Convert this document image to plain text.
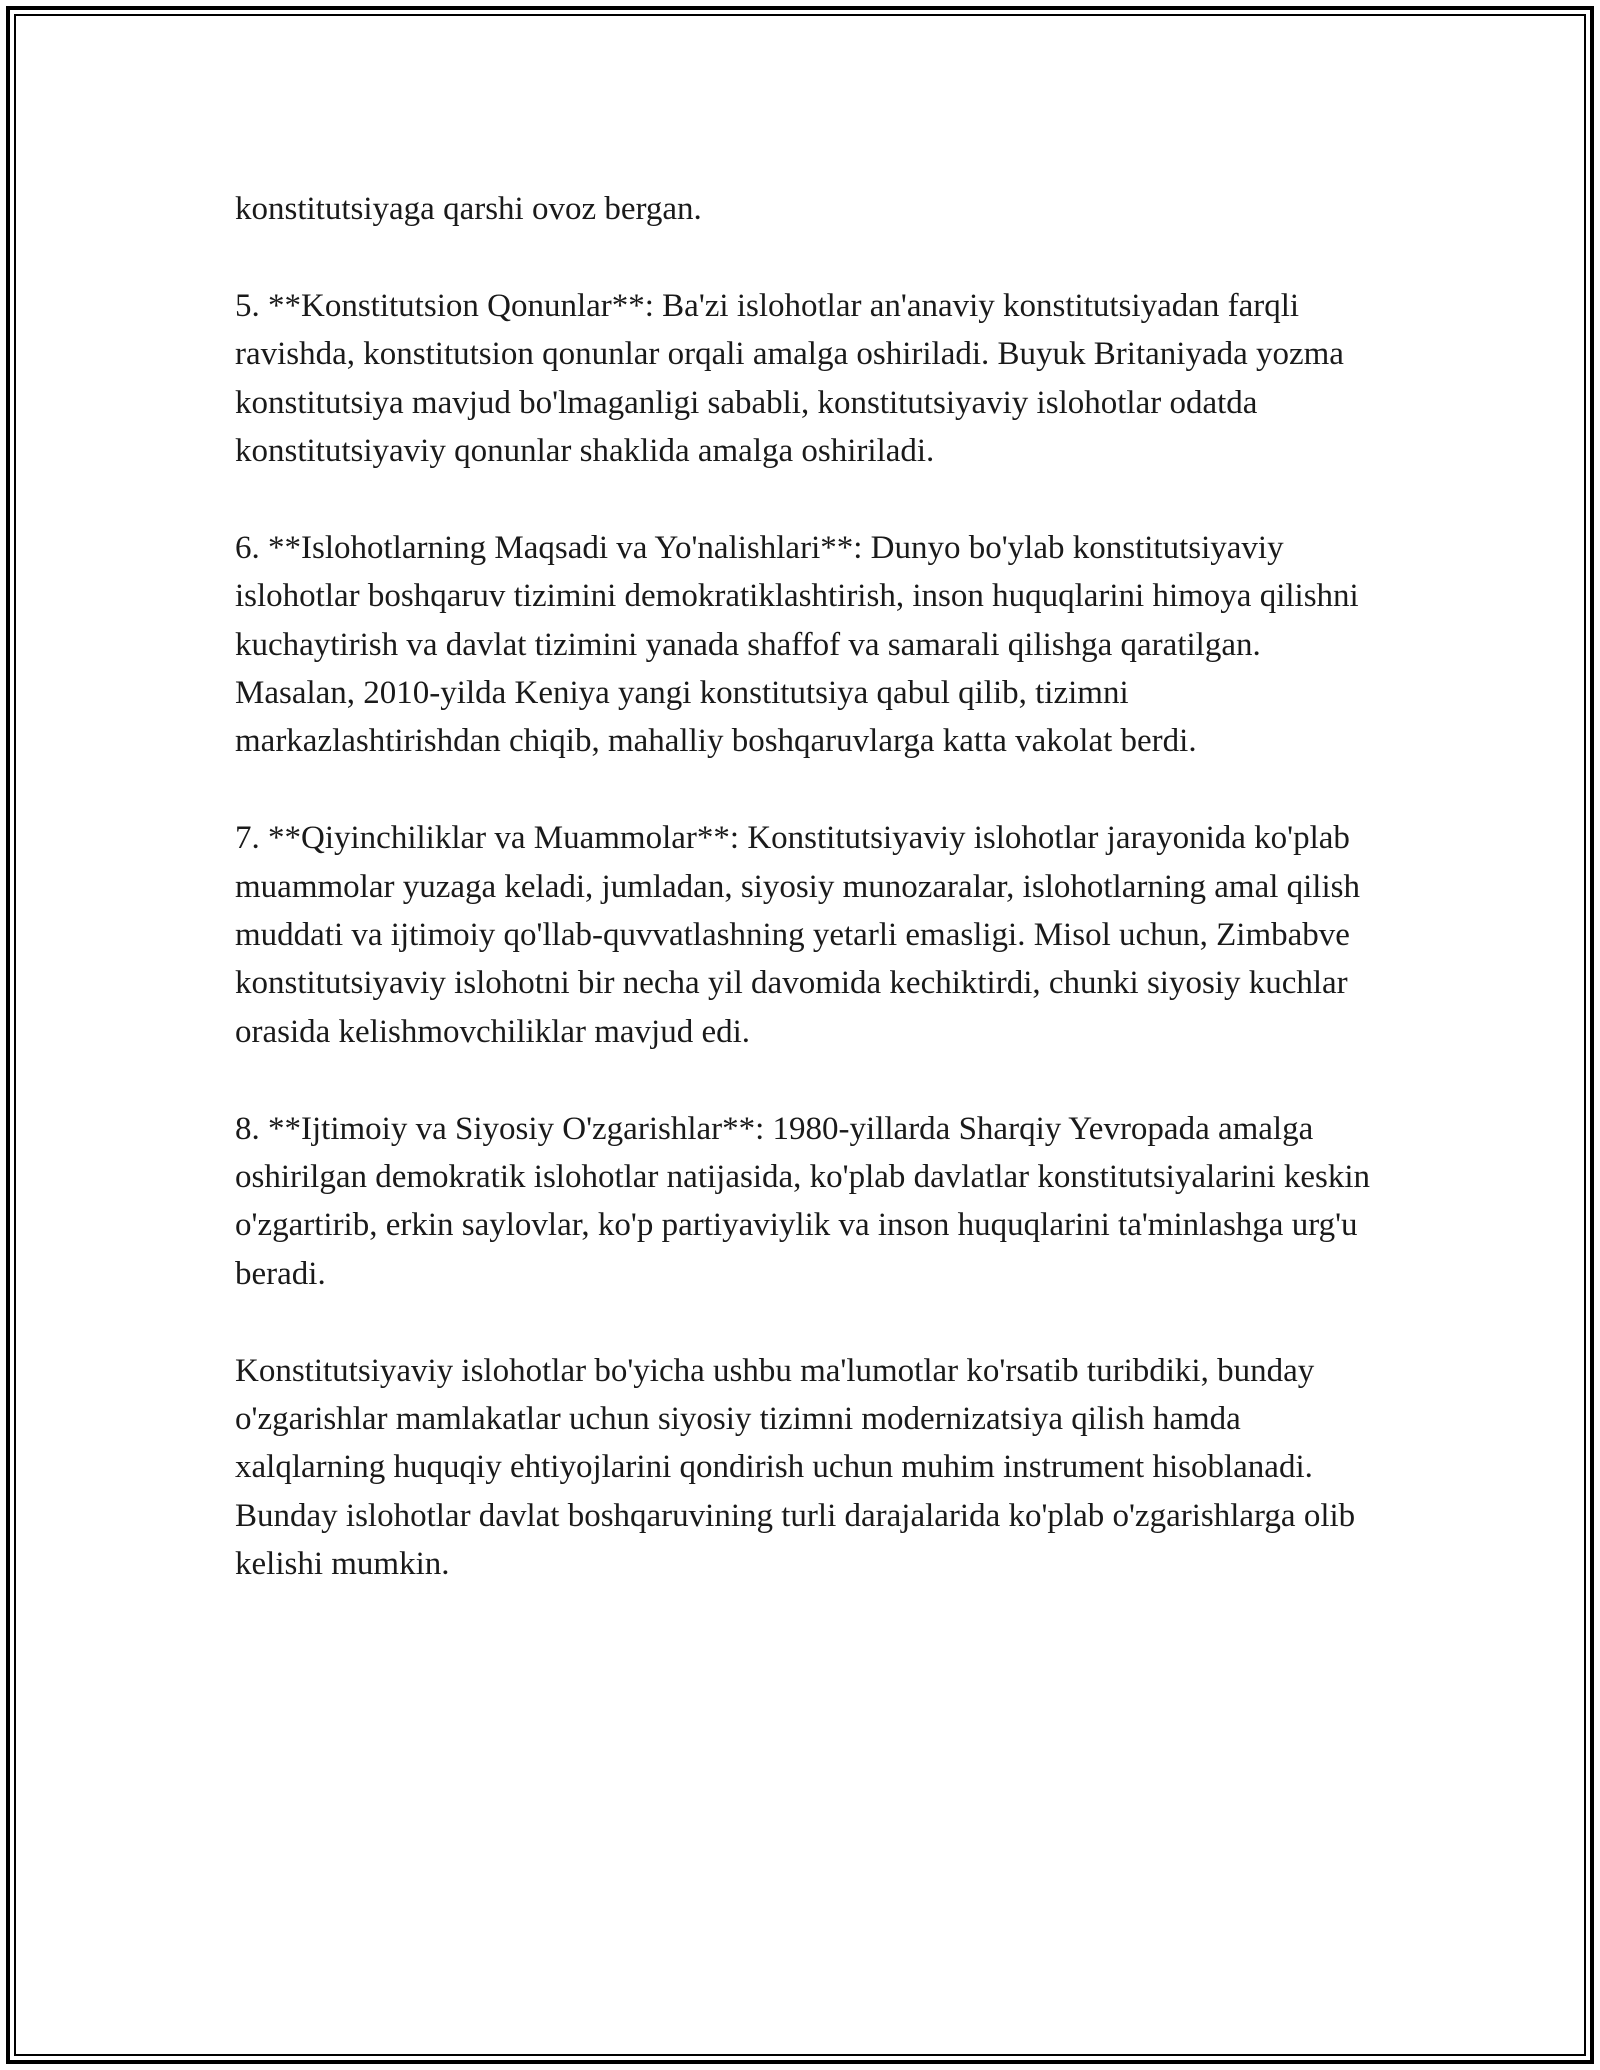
konstitutsiyaga qarshi ovoz bergan.

5. **Konstitutsion Qonunlar**: Ba'zi islohotlar an'anaviy konstitutsiyadan farqli ravishda, konstitutsion qonunlar orqali amalga oshiriladi. Buyuk Britaniyada yozma konstitutsiya mavjud bo'lmaganligi sababli, konstitutsiyaviy islohotlar odatda konstitutsiyaviy qonunlar shaklida amalga oshiriladi.

6. **Islohotlarning Maqsadi va Yo'nalishlari**: Dunyo bo'ylab konstitutsiyaviy islohotlar boshqaruv tizimini demokratiklashtirish, inson huquqlarini himoya qilishni kuchaytirish va davlat tizimini yanada shaffof va samarali qilishga qaratilgan. Masalan, 2010-yilda Keniya yangi konstitutsiya qabul qilib, tizimni markazlashtirishdan chiqib, mahalliy boshqaruvlarga katta vakolat berdi.

7. **Qiyinchiliklar va Muammolar**: Konstitutsiyaviy islohotlar jarayonida ko'plab muammolar yuzaga keladi, jumladan, siyosiy munozaralar, islohotlarning amal qilish muddati va ijtimoiy qo'llab-quvvatlashning yetarli emasligi. Misol uchun, Zimbabve konstitutsiyaviy islohotni bir necha yil davomida kechiktirdi, chunki siyosiy kuchlar orasida kelishmovchiliklar mavjud edi.

8. **Ijtimoiy va Siyosiy O'zgarishlar**: 1980-yillarda Sharqiy Yevropada amalga oshirilgan demokratik islohotlar natijasida, ko'plab davlatlar konstitutsiyalarini keskin o'zgartirib, erkin saylovlar, ko'p partiyaviylik va inson huquqlarini ta'minlashga urg'u beradi.

Konstitutsiyaviy islohotlar bo'yicha ushbu ma'lumotlar ko'rsatib turibdiki, bunday o'zgarishlar mamlakatlar uchun siyosiy tizimni modernizatsiya qilish hamda xalqlarning huquqiy ehtiyojlarini qondirish uchun muhim instrument hisoblanadi. Bunday islohotlar davlat boshqaruvining turli darajalarida ko'plab o'zgarishlarga olib kelishi mumkin.
